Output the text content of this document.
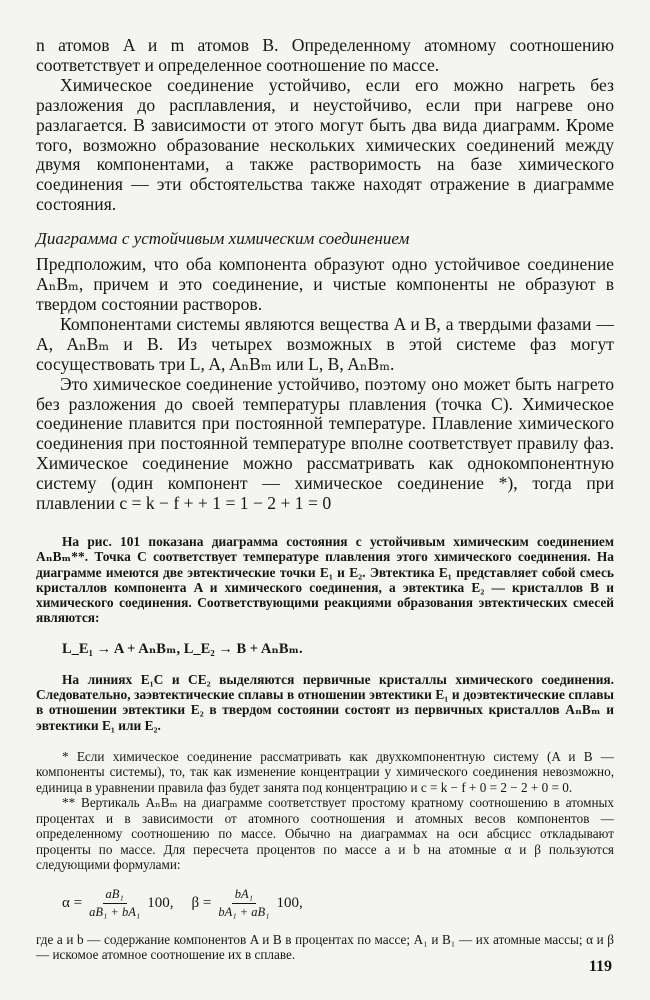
n атомов A и m атомов B. Определенному атомному соотношению соответствует и определенное соотношение по массе.

Химическое соединение устойчиво, если его можно нагреть без разложения до расплавления, и неустойчиво, если при нагреве оно разлагается. В зависимости от этого могут быть два вида диаграмм. Кроме того, возможно образование нескольких химических соединений между двумя компонентами, а также растворимость на базе химического соединения — эти обстоятельства также находят отражение в диаграмме состояния.

Диаграмма с устойчивым химическим соединением

Предположим, что оба компонента образуют одно устойчивое соединение AₙBₘ, причем и это соединение, и чистые компоненты не образуют в твердом состоянии растворов.

Компонентами системы являются вещества A и B, а твердыми фазами — A, AₙBₘ и B. Из четырех возможных в этой системе фаз могут сосуществовать три L, A, AₙBₘ или L, B, AₙBₘ.

Это химическое соединение устойчиво, поэтому оно может быть нагрето без разложения до своей температуры плавления (точка C). Химическое соединение плавится при постоянной температуре. Плавление химического соединения при постоянной температуре вполне соответствует правилу фаз. Химическое соединение можно рассматривать как однокомпонентную систему (один компонент — химическое соединение *), тогда при плавлении c = k − f + + 1 = 1 − 2 + 1 = 0

На рис. 101 показана диаграмма состояния с устойчивым химическим соединением AₙBₘ**. Точка C соответствует температуре плавления этого химического соединения. На диаграмме имеются две эвтектические точки E₁ и E₂. Эвтектика E₁ представляет собой смесь кристаллов компонента A и химического соединения, а эвтектика E₂ — кристаллов B и химического соединения. Соответствующими реакциями образования эвтектических смесей являются:

L_E₁ → A + AₙBₘ, L_E₂ → B + AₙBₘ.

На линиях E₁C и CE₂ выделяются первичные кристаллы химического соединения. Следовательно, заэвтектические сплавы в отношении эвтектики E₁ и доэвтектические сплавы в отношении эвтектики E₂ в твердом состоянии состоят из первичных кристаллов AₙBₘ и эвтектики E₁ или E₂.

* Если химическое соединение рассматривать как двухкомпонентную систему (A и B — компоненты системы), то, так как изменение концентрации у химического соединения невозможно, единица в уравнении правила фаз будет занята под концентрацию и c = k − f + 0 = 2 − 2 + 0 = 0.

** Вертикаль AₙBₘ на диаграмме соответствует простому кратному соотношению в атомных процентах и в зависимости от атомного соотношения и атомных весов компонентов — определенному соотношению по массе. Обычно на диаграммах на оси абсцисс откладывают проценты по массе. Для пересчета процентов по массе a и b на атомные α и β пользуются следующими формулами:

$\alpha = \frac{\text{aB₁}}{\text{aB₁ + bA₁}} 100$, $\beta = \frac{\text{bA₁}}{\text{bA₁ + aB₁}} 100$,

где a и b — содержание компонентов A и B в процентах по массе; A₁ и B₁ — их атомные массы; α и β — искомое атомное соотношение их в сплаве.

119
